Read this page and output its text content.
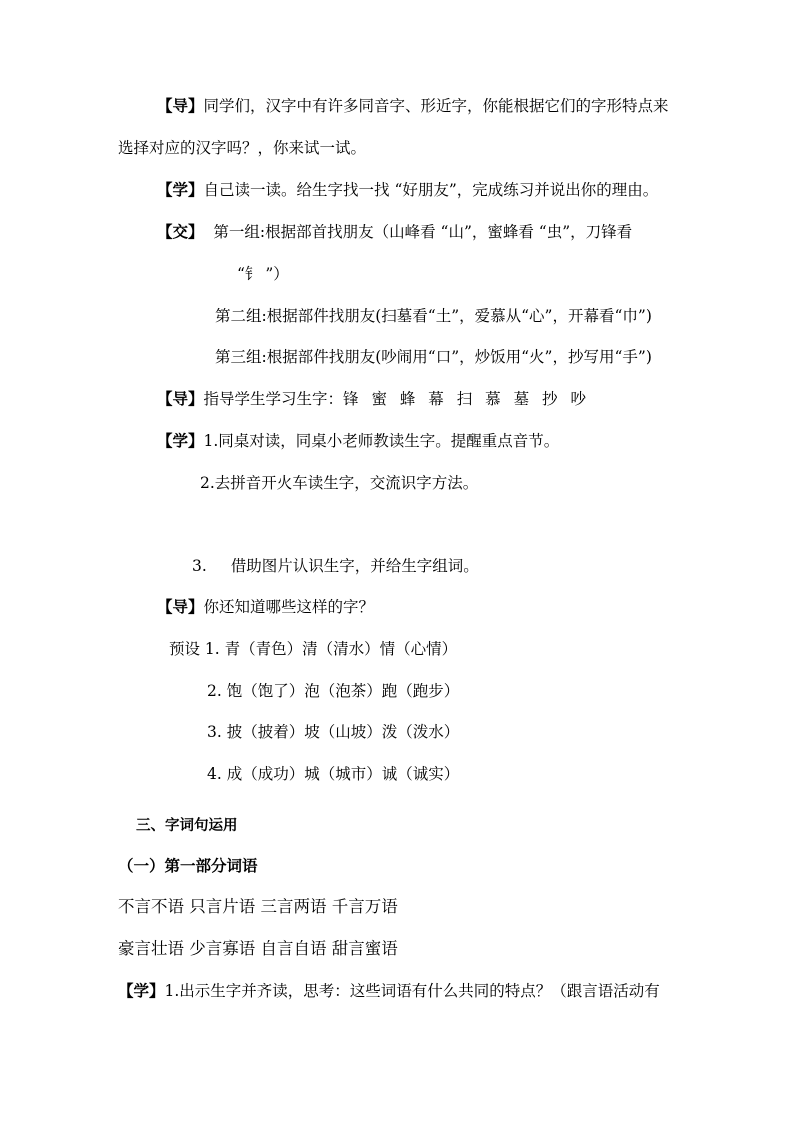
【导】同学们，汉字中有许多同音字、形近字，你能根据它们的字形特点来
选择对应的汉字吗？，你来试一试。
【学】自己读一读。给生字找一找 “好朋友”，完成练习并说出你的理由。
【交】 第一组:根据部首找朋友（山峰看 “山”，蜜蜂看 “虫”，刀锋看
“钅 ”）
第二组:根据部件找朋友(扫墓看“土”，爱慕从“心”，开幕看“巾”)
第三组:根据部件找朋友(吵闹用“口”，炒饭用“火”，抄写用“手”)
【导】指导学生学习生字：锋 蜜 蜂 幕 扫 慕 墓 抄 吵
【学】1.同桌对读，同桌小老师教读生字。提醒重点音节。
2.去拼音开火车读生字，交流识字方法。
3. 借助图片认识生字，并给生字组词。
【导】你还知道哪些这样的字？
预设 1. 青（青色）清（清水）情（心情）
2. 饱（饱了）泡（泡茶）跑（跑步）
3. 披（披着）坡（山坡）泼（泼水）
4. 成（成功）城（城市）诚（诚实）
三、字词句运用
（一）第一部分词语
不言不语 只言片语 三言两语 千言万语
豪言壮语 少言寡语 自言自语 甜言蜜语
【学】1.出示生字并齐读，思考：这些词语有什么共同的特点？（跟言语活动有
